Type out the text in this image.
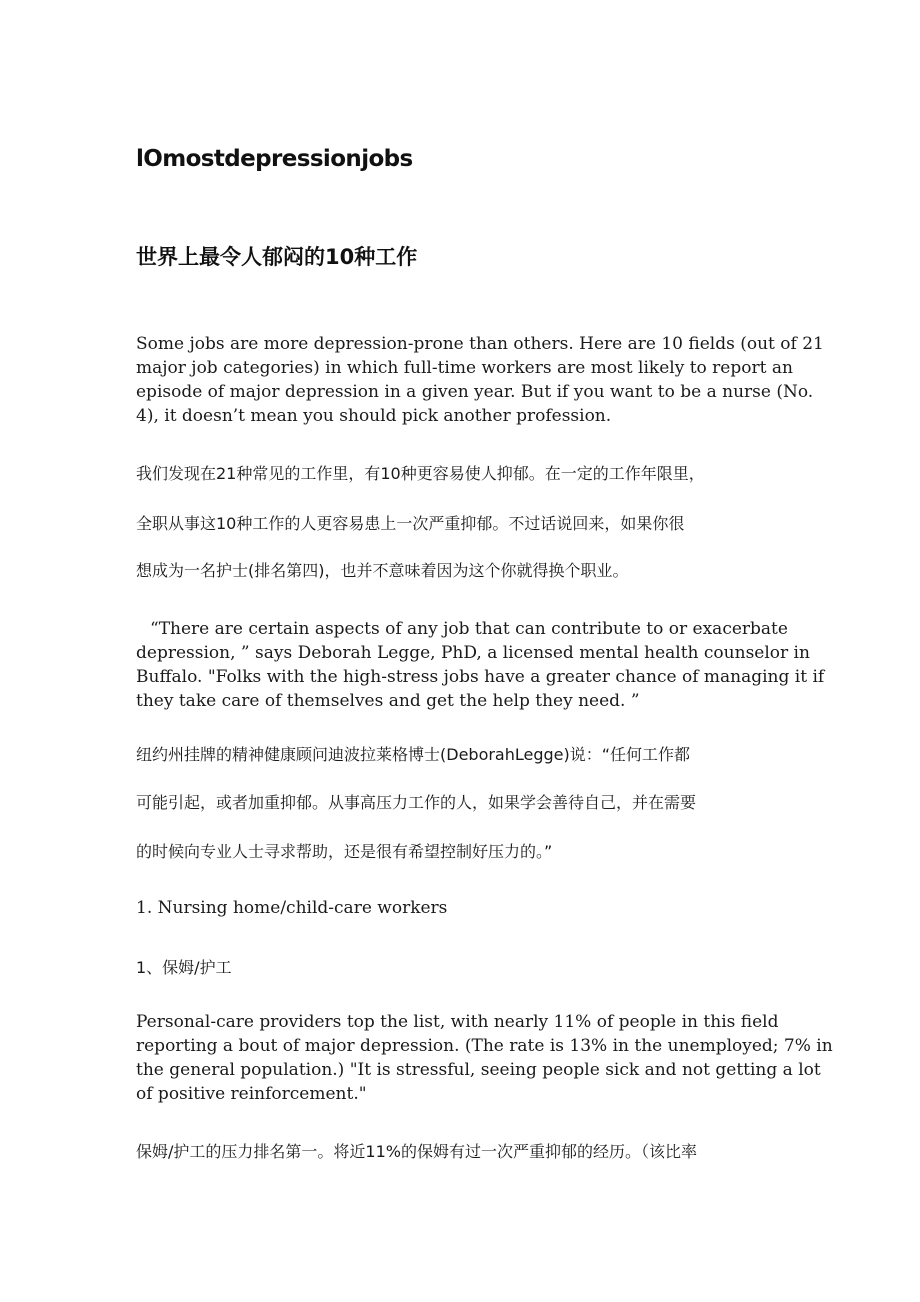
lOmostdepressionjobs
世界上最令人郁闷的10种工作

Some jobs are more depression-prone than others. Here are 10 fields (out of 21
major job categories) in which full-time workers are most likely to report an
episode of major depression in a given year. But if you want to be a nurse (No.
4), it doesn’t mean you should pick another profession.

我们发现在21种常见的工作里，有10种更容易使人抑郁。在一定的工作年限里，
全职从事这10种工作的人更容易患上一次严重抑郁。不过话说回来，如果你很
想成为一名护士(排名第四)，也并不意味着因为这个你就得换个职业。

“There are certain aspects of any job that can contribute to or exacerbate
depression, ” says Deborah Legge, PhD, a licensed mental health counselor in
Buffalo. "Folks with the high-stress jobs have a greater chance of managing it if
they take care of themselves and get the help they need. ”

纽约州挂牌的精神健康顾问迪波拉莱格博士(DeborahLegge)说：“任何工作都
可能引起，或者加重抑郁。从事高压力工作的人，如果学会善待自己，并在需要
的时候向专业人士寻求帮助，还是很有希望控制好压力的。”
1. Nursing home/child-care workers
1、保姆/护工

Personal-care providers top the list, with nearly 11% of people in this field
reporting a bout of major depression. (The rate is 13% in the unemployed; 7% in
the general population.) "It is stressful, seeing people sick and not getting a lot
of positive reinforcement."

保姆/护工的压力排名第一。将近11%的保姆有过一次严重抑郁的经历。（该比率
